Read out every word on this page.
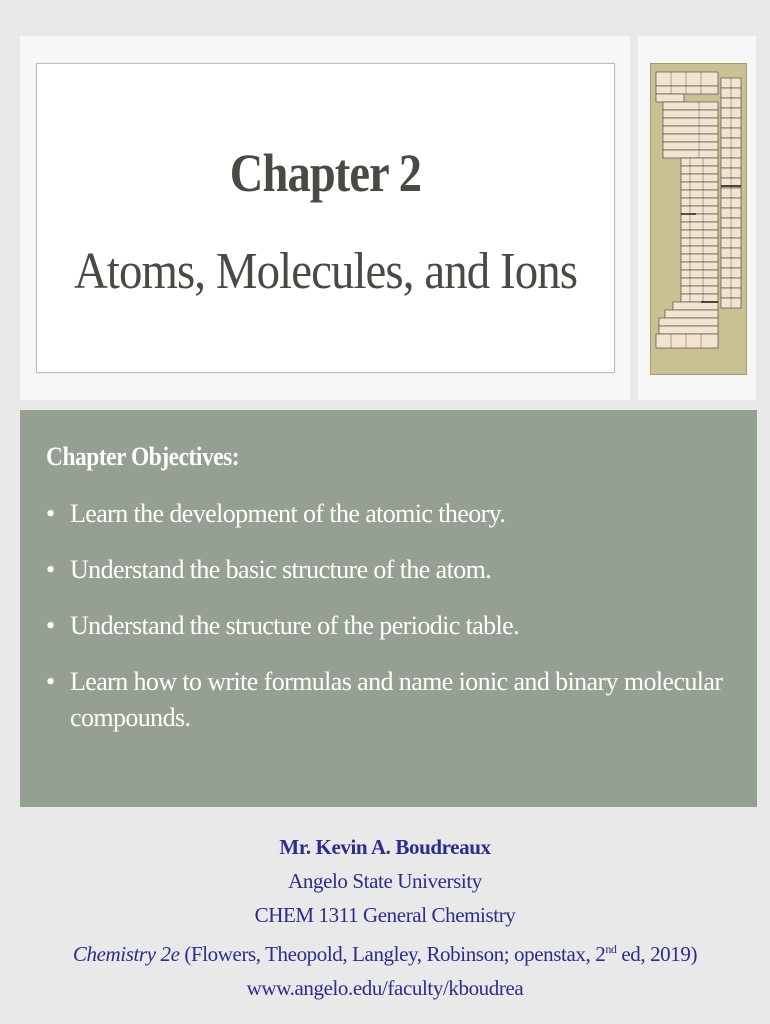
Chapter 2
Atoms, Molecules, and Ions
Chapter Objectives:
• Learn the development of the atomic theory.
• Understand the basic structure of the atom.
• Understand the structure of the periodic table.
• Learn how to write formulas and name ionic and binary molecular compounds.
Mr. Kevin A. Boudreaux
Angelo State University
CHEM 1311 General Chemistry
Chemistry 2e (Flowers, Theopold, Langley, Robinson; openstax, 2nd ed, 2019)
www.angelo.edu/faculty/kboudrea
